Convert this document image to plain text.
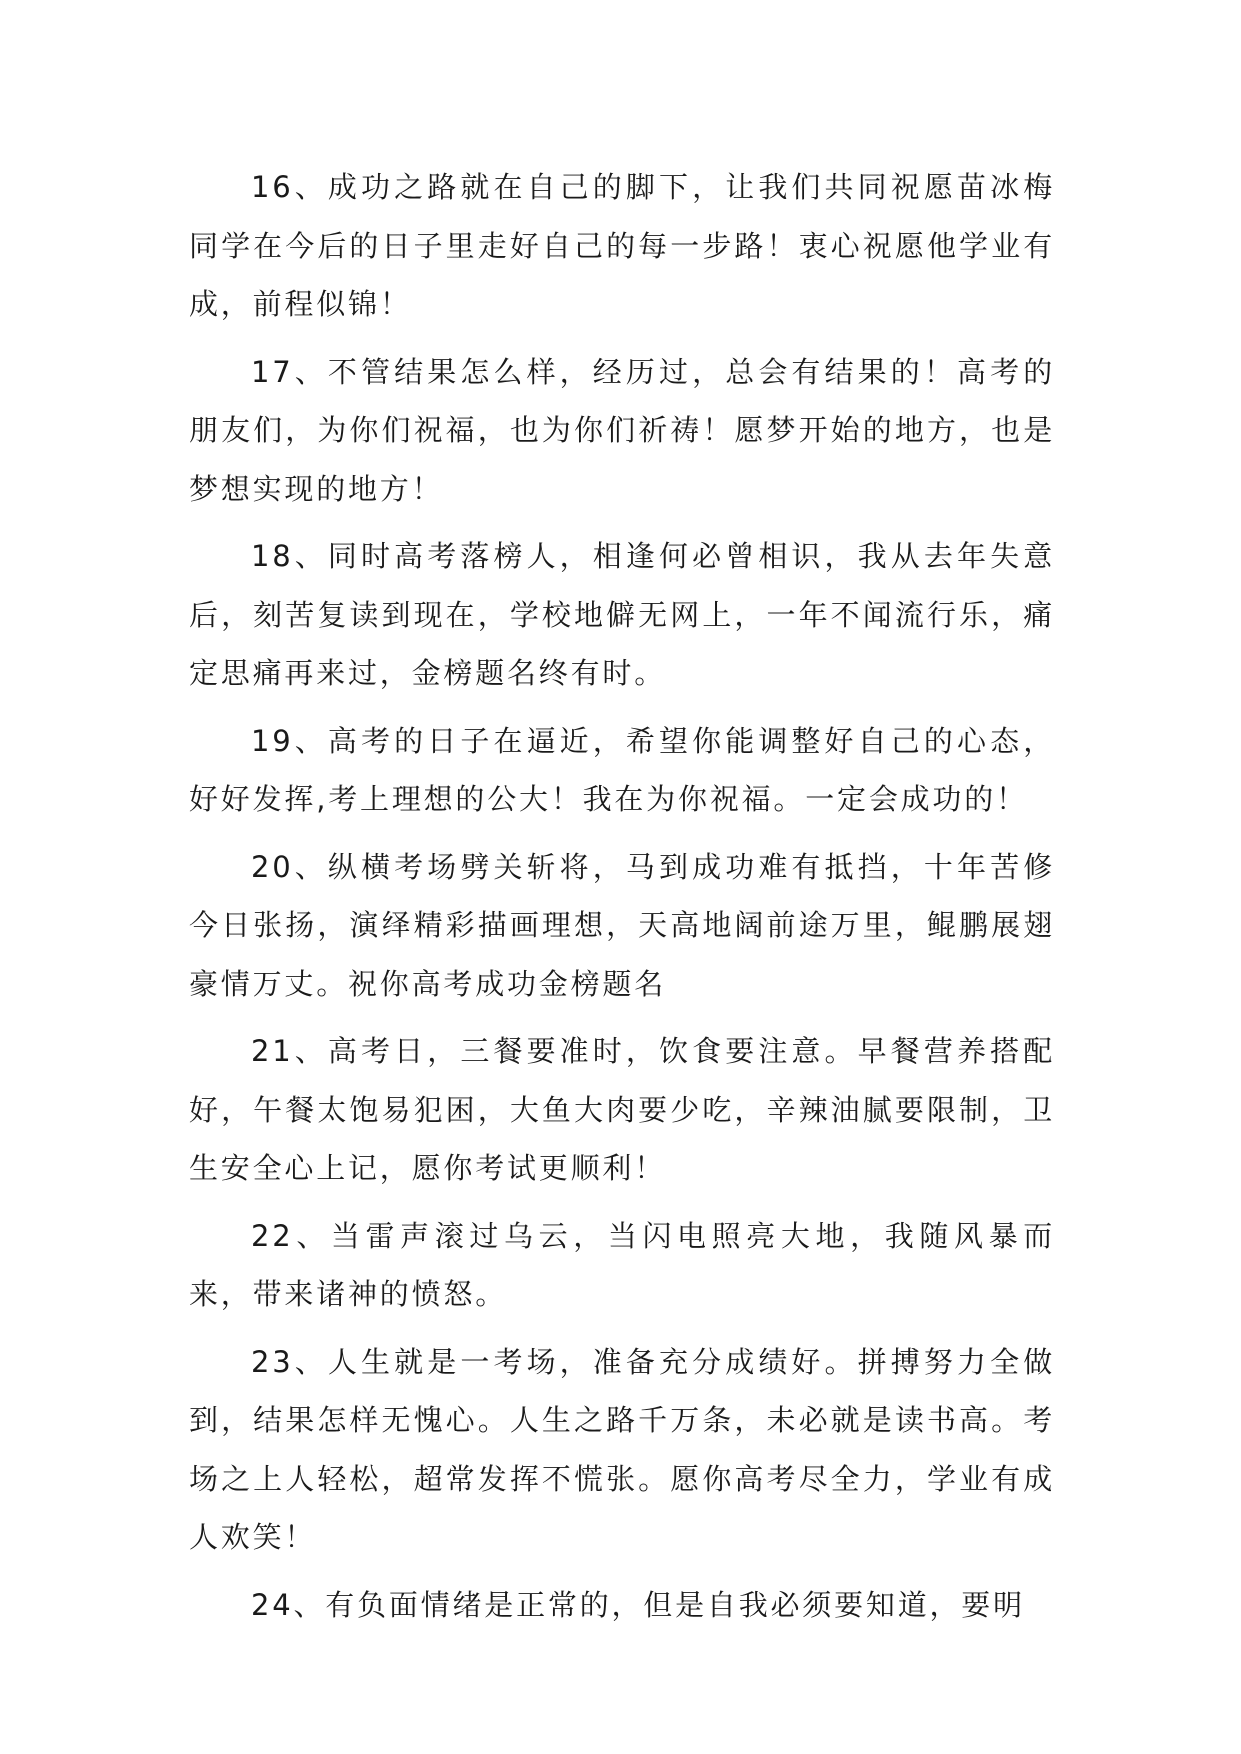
16、成功之路就在自己的脚下，让我们共同祝愿苗冰梅同学在今后的日子里走好自己的每一步路！衷心祝愿他学业有成，前程似锦！

17、不管结果怎么样，经历过，总会有结果的！高考的朋友们，为你们祝福，也为你们祈祷！愿梦开始的地方，也是梦想实现的地方！

18、同时高考落榜人，相逢何必曾相识，我从去年失意后，刻苦复读到现在，学校地僻无网上，一年不闻流行乐，痛定思痛再来过，金榜题名终有时。

19、高考的日子在逼近，希望你能调整好自己的心态，好好发挥,考上理想的公大！我在为你祝福。一定会成功的！

20、纵横考场劈关斩将，马到成功难有抵挡，十年苦修今日张扬，演绎精彩描画理想，天高地阔前途万里，鲲鹏展翅豪情万丈。祝你高考成功金榜题名

21、高考日，三餐要准时，饮食要注意。早餐营养搭配好，午餐太饱易犯困，大鱼大肉要少吃，辛辣油腻要限制，卫生安全心上记，愿你考试更顺利！

22、当雷声滚过乌云，当闪电照亮大地，我随风暴而来，带来诸神的愤怒。

23、人生就是一考场，准备充分成绩好。拼搏努力全做到，结果怎样无愧心。人生之路千万条，未必就是读书高。考场之上人轻松，超常发挥不慌张。愿你高考尽全力，学业有成人欢笑！

24、有负面情绪是正常的，但是自我必须要知道，要明
